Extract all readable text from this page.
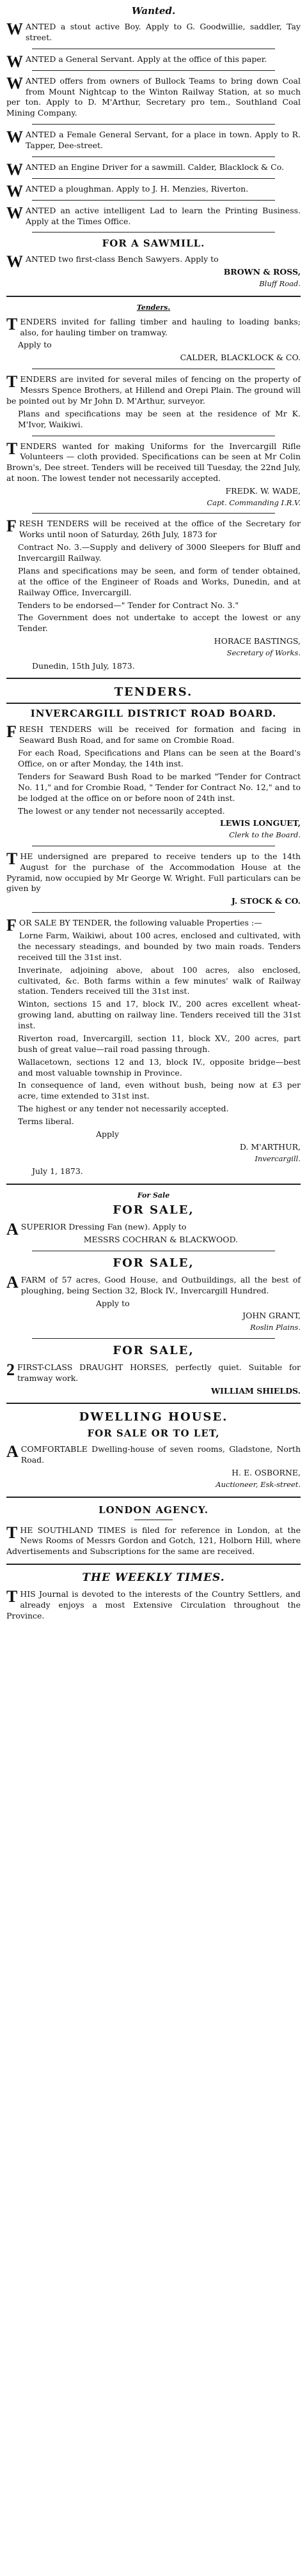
Wanted.
W ANTED a stout active Boy. Apply to G. Goodwillie, saddler, Tay street.

W ANTED a General Servant. Apply at the office of this paper.

W ANTED offers from owners of Bullock Teams to bring down Coal from Mount Nightcap to the Winton Railway Station, at so much per ton. Apply to D. M'Arthur, Secretary pro tem., Southland Coal Mining Company.

W ANTED a Female General Servant, for a place in town. Apply to R. Tapper, Dee-street.

W ANTED an Engine Driver for a sawmill. Calder, Blacklock & Co.

W ANTED a ploughman. Apply to J. H. Menzies, Riverton.

W ANTED an active intelligent Lad to learn the Printing Business. Apply at the Times Office.

FOR A SAWMILL.
W ANTED two first-class Bench Sawyers. Apply to

BROWN & ROSS,
Bluff Road.
Tenders.
T ENDERS invited for falling timber and hauling to loading banks; also, for hauling timber on tramway.

Apply to

CALDER, BLACKLOCK & CO.
T ENDERS are invited for several miles of fencing on the property of Messrs Spence Brothers, at Hillend and Orepi Plain. The ground will be pointed out by Mr John D. M'Arthur, surveyor.

Plans and specifications may be seen at the residence of Mr K. M'Ivor, Waikiwi.

T ENDERS wanted for making Uniforms for the Invercargill Rifle Volunteers — cloth provided. Specifications can be seen at Mr Colin Brown's, Dee street. Tenders will be received till Tuesday, the 22nd July, at noon. The lowest tender not necessarily accepted.

FREDK. W. WADE,
Capt. Commanding I.R.V.
F RESH TENDERS will be received at the office of the Secretary for Works until noon of Saturday, 26th July, 1873 for

Contract No. 3.—Supply and delivery of 3000 Sleepers for Bluff and Invercargill Railway.

Plans and specifications may be seen, and form of tender obtained, at the office of the Engineer of Roads and Works, Dunedin, and at Railway Office, Invercargill.

Tenders to be endorsed—" Tender for Contract No. 3."

The Government does not undertake to accept the lowest or any Tender.

HORACE BASTINGS,
Secretary of Works.
Dunedin, 15th July, 1873.
TENDERS.
INVERCARGILL DISTRICT ROAD BOARD.
F RESH TENDERS will be received for formation and facing in Seaward Bush Road, and for same on Crombie Road.

For each Road, Specifications and Plans can be seen at the Board's Office, on or after Monday, the 14th inst.

Tenders for Seaward Bush Road to be marked "Tender for Contract No. 11," and for Crombie Road, " Tender for Contract No. 12," and to be lodged at the office on or before noon of 24th inst.

The lowest or any tender not necessarily accepted.

LEWIS LONGUET,
Clerk to the Board.
T HE undersigned are prepared to receive tenders up to the 14th August for the purchase of the Accommodation House at the Pyramid, now occupied by Mr George W. Wright. Full particulars can be given by

J. STOCK & CO.
F OR SALE BY TENDER, the following valuable Properties :—

Lorne Farm, Waikiwi, about 100 acres, enclosed and cultivated, with the necessary steadings, and bounded by two main roads. Tenders received till the 31st inst.

Inverinate, adjoining above, about 100 acres, also enclosed, cultivated, &c. Both farms within a few minutes' walk of Railway station. Tenders received till the 31st inst.

Winton, sections 15 and 17, block IV., 200 acres excellent wheat-growing land, abutting on railway line. Tenders received till the 31st inst.

Riverton road, Invercargill, section 11, block XV., 200 acres, part bush of great value—rail road passing through.

Wallacetown, sections 12 and 13, block IV., opposite bridge—best and most valuable township in Province.

In consequence of land, even without bush, being now at £3 per acre, time extended to 31st inst.

The highest or any tender not necessarily accepted.

Terms liberal.

Apply

D. M'ARTHUR,
Invercargill.
July 1, 1873.
For Sale
FOR SALE,
A SUPERIOR Dressing Fan (new). Apply to

MESSRS COCHRAN & BLACKWOOD.
FOR SALE,
A FARM of 57 acres, Good House, and Outbuildings, all the best of ploughing, being Section 32, Block IV., Invercargill Hundred.

Apply to

JOHN GRANT,
Roslin Plains.
FOR SALE,
2 FIRST-CLASS DRAUGHT HORSES, perfectly quiet. Suitable for tramway work.

WILLIAM SHIELDS.
DWELLING HOUSE.
FOR SALE OR TO LET,
A COMFORTABLE Dwelling-house of seven rooms, Gladstone, North Road.

H. E. OSBORNE,
Auctioneer, Esk-street.
LONDON AGENCY.
T HE SOUTHLAND TIMES is filed for reference in London, at the News Rooms of Messrs Gordon and Gotch, 121, Holborn Hill, where Advertisements and Subscriptions for the same are received.

THE WEEKLY TIMES.
T HIS Journal is devoted to the interests of the Country Settlers, and already enjoys a most Extensive Circulation throughout the Province.
